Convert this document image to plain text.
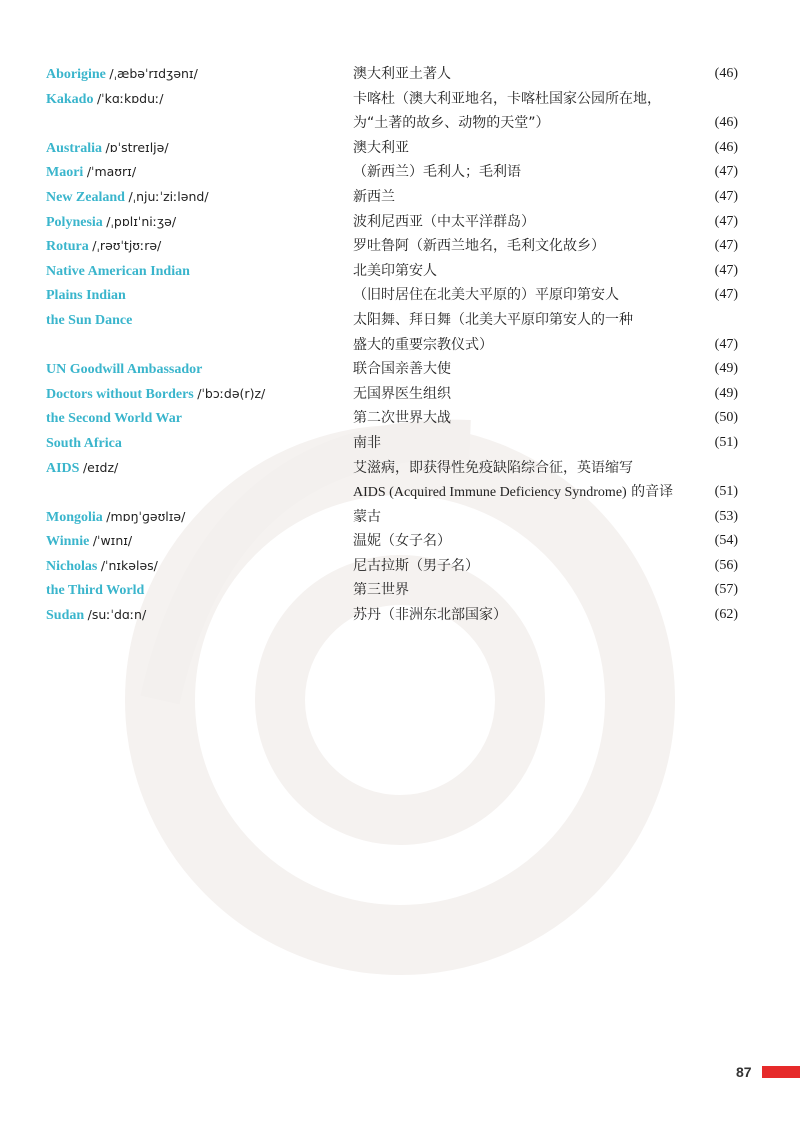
Aborigine /ˌæbəˈrɪdʒənɪ/	澳大利亚土著人	(46)
Kakado /ˈkɑːkɒduː/	卡喀杜（澳大利亚地名，卡喀杜国家公园所在地，
为“土著的故乡、动物的天堂”）	(46)
Australia /ɒˈstreɪljə/	澳大利亚	(46)
Maori /ˈmaʊrɪ/	（新西兰）毛利人；毛利语	(47)
New Zealand /ˌnjuːˈziːlənd/	新西兰	(47)
Polynesia /ˌpɒlɪˈniːʒə/	波利尼西亚（中太平洋群岛）	(47)
Rotura /ˌrəʊˈtjʊːrə/	罗吐鲁阿（新西兰地名，毛利文化故乡）	(47)
Native American Indian	北美印第安人	(47)
Plains Indian	（旧时居住在北美大平原的）平原印第安人	(47)
the Sun Dance	太阳舞、拜日舞（北美大平原印第安人的一种
盛大的重要宗教仪式）	(47)
UN Goodwill Ambassador	联合国亲善大使	(49)
Doctors without Borders /ˈbɔːdə(r)z/	无国界医生组织	(49)
the Second World War	第二次世界大战	(50)
South Africa	南非	(51)
AIDS /eɪdz/	艾滋病，即获得性免疫缺陷综合征，英语缩写
AIDS (Acquired Immune Deficiency Syndrome) 的音译	(51)
Mongolia /mɒŋˈɡəʊlɪə/	蒙古	(53)
Winnie /ˈwɪnɪ/	温妮（女子名）	(54)
Nicholas /ˈnɪkələs/	尼古拉斯（男子名）	(56)
the Third World	第三世界	(57)
Sudan /suːˈdɑːn/	苏丹（非洲东北部国家）	(62)
87
